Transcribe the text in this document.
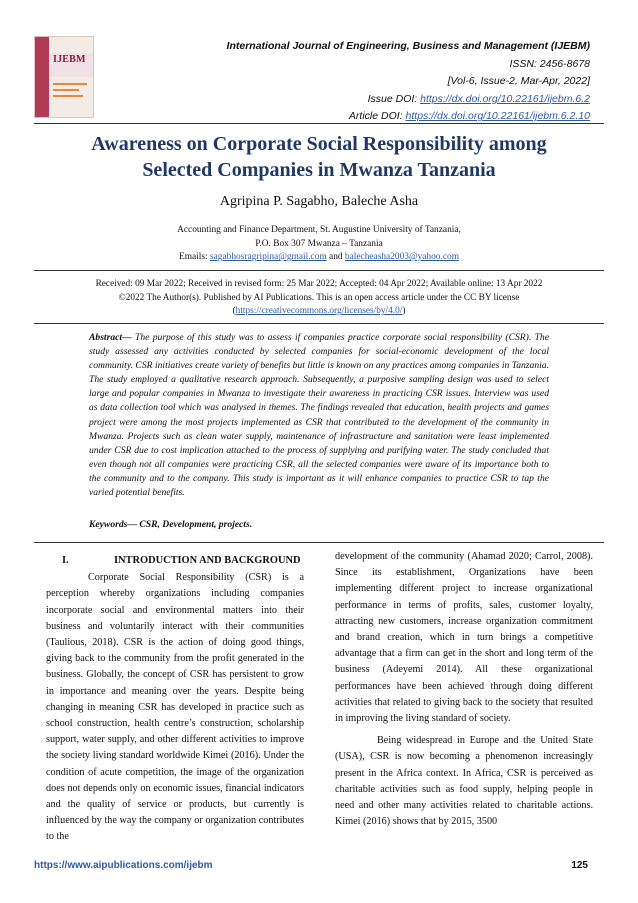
IJEBM
International Journal of Engineering, Business and Management (IJEBM)
ISSN: 2456-8678
[Vol-6, Issue-2, Mar-Apr, 2022]
Issue DOI: https://dx.doi.org/10.22161/ijebm.6.2
Article DOI: https://dx.doi.org/10.22161/ijebm.6.2.10
Awareness on Corporate Social Responsibility among
Selected Companies in Mwanza Tanzania
Agripina P. Sagabho, Baleche Asha
Accounting and Finance Department, St. Augustine University of Tanzania,
P.O. Box 307 Mwanza – Tanzania
Emails: sagabhosragripina@gmail.com and balecheasha2003@yahoo.com
Received: 09 Mar 2022; Received in revised form: 25 Mar 2022; Accepted: 04 Apr 2022; Available online: 13 Apr 2022
©2022 The Author(s). Published by AI Publications. This is an open access article under the CC BY license
(https://creativecommons.org/licenses/by/4.0/)
Abstract— The purpose of this study was to assess if companies practice corporate social responsibility (CSR). The study assessed any activities conducted by selected companies for social-economic development of the local community. CSR initiatives create variety of benefits but little is known on any practices among companies in Tanzania. The study employed a qualitative research approach. Subsequently, a purposive sampling design was used to select large and popular companies in Mwanza to investigate their awareness in practicing CSR issues. Interview was used as data collection tool which was analysed in themes. The findings revealed that education, health projects and games project were among the most projects implemented as CSR that contributed to the development of the community in Mwanza. Projects such as clean water supply, maintenance of infrastructure and sanitation were least implemented under CSR due to cost implication attached to the process of supplying and purifying water. The study concluded that even though not all companies were practicing CSR, all the selected companies were aware of its importance both to the community and to the company. This study is important as it will enhance companies to practice CSR to tap the varied potential benefits.
Keywords— CSR, Development, projects.
I.	INTRODUCTION AND BACKGROUND

Corporate Social Responsibility (CSR) is a perception whereby organizations including companies incorporate social and environmental matters into their business and voluntarily interact with their communities (Taulious, 2018). CSR is the action of doing good things, giving back to the community from the profit generated in the business. Globally, the concept of CSR has persistent to grow in importance and meaning over the years. Despite being changing in meaning CSR has developed in practice such as school construction, health centre’s construction, scholarship support, water supply, and other different activities to improve the society living standard worldwide Kimei (2016). Under the condition of acute competition, the image of the organization does not depends only on economic issues, financial indicators and the quality of service or products, but currently is influenced by the way the company or organization contributes to the

development of the community (Ahamad 2020; Carrol, 2008). Since its establishment, Organizations have been implementing different project to increase organizational performance in terms of profits, sales, customer loyalty, attracting new customers, increase organization commitment and brand creation, which in turn brings a competitive advantage that a firm can get in the short and long term of the business (Adeyemi 2014). All these organizational performances have been achieved through doing different activities that related to giving back to the society that resulted in improving the living standard of society.

Being widespread in Europe and the United State (USA), CSR is now becoming a phenomenon increasingly present in the Africa context. In Africa, CSR is perceived as charitable activities such as food supply, helping people in need and other many activities related to charitable actions. Kimei (2016) shows that by 2015, 3500

https://www.aipublications.com/ijebm	125
